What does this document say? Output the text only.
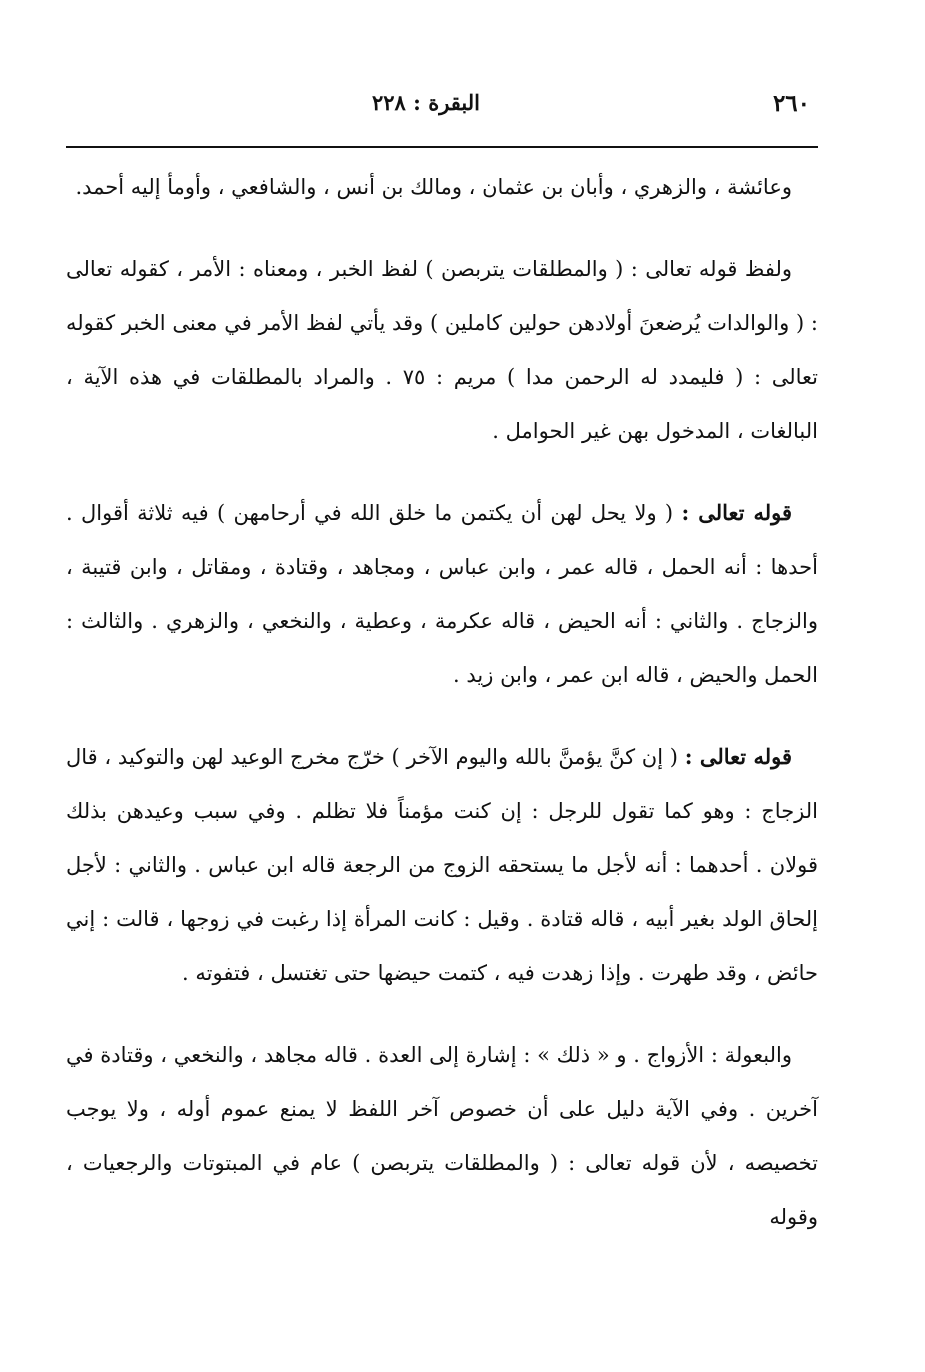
٢٦٠
البقرة : ٢٢٨

وعائشة ، والزهري ، وأبان بن عثمان ، ومالك بن أنس ، والشافعي ، وأومأ إليه أحمد.

ولفظ قوله تعالى : ( والمطلقات يتربصن ) لفظ الخبر ، ومعناه : الأمر ، كقوله تعالى : ( والوالدات يُرضعنَ أولادهن حولين كاملين ) وقد يأتي لفظ الأمر في معنى الخبر كقوله تعالى : ( فليمدد له الرحمن مدا ) مريم : ٧٥ . والمراد بالمطلقات في هذه الآية ، البالغات ، المدخول بهن غير الحوامل .

قوله تعالى : ( ولا يحل لهن أن يكتمن ما خلق الله في أرحامهن ) فيه ثلاثة أقوال . أحدها : أنه الحمل ، قاله عمر ، وابن عباس ، ومجاهد ، وقتادة ، ومقاتل ، وابن قتيبة ، والزجاج . والثاني : أنه الحيض ، قاله عكرمة ، وعطية ، والنخعي ، والزهري . والثالث : الحمل والحيض ، قاله ابن عمر ، وابن زيد .

قوله تعالى : ( إن كنَّ يؤمنَّ بالله واليوم الآخر ) خرّج مخرج الوعيد لهن والتوكيد ، قال الزجاج : وهو كما تقول للرجل : إن كنت مؤمناً فلا تظلم . وفي سبب وعيدهن بذلك قولان . أحدهما : أنه لأجل ما يستحقه الزوج من الرجعة قاله ابن عباس . والثاني : لأجل إلحاق الولد بغير أبيه ، قاله قتادة . وقيل : كانت المرأة إذا رغبت في زوجها ، قالت : إني حائض ، وقد طهرت . وإذا زهدت فيه ، كتمت حيضها حتى تغتسل ، فتفوته .

والبعولة : الأزواج . و « ذلك » : إشارة إلى العدة . قاله مجاهد ، والنخعي ، وقتادة في آخرين . وفي الآية دليل على أن خصوص آخر اللفظ لا يمنع عموم أوله ، ولا يوجب تخصيصه ، لأن قوله تعالى : ( والمطلقات يتربصن ) عام في المبتوتات والرجعيات ، وقوله
